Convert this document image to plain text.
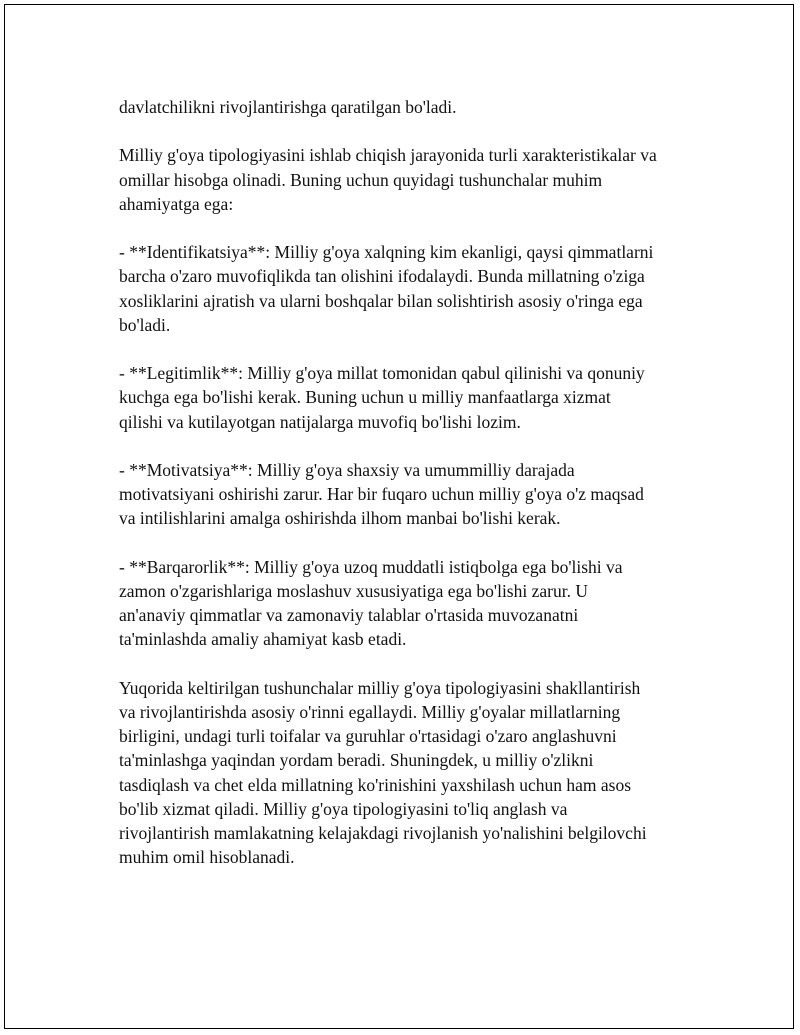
davlatchilikni rivojlantirishga qaratilgan bo'ladi.

Milliy g'oya tipologiyasini ishlab chiqish jarayonida turli xarakteristikalar va
omillar hisobga olinadi. Buning uchun quyidagi tushunchalar muhim
ahamiyatga ega:

- **Identifikatsiya**: Milliy g'oya xalqning kim ekanligi, qaysi qimmatlarni
barcha o'zaro muvofiqlikda tan olishini ifodalaydi. Bunda millatning o'ziga
xosliklarini ajratish va ularni boshqalar bilan solishtirish asosiy o'ringa ega
bo'ladi.

- **Legitimlik**: Milliy g'oya millat tomonidan qabul qilinishi va qonuniy
kuchga ega bo'lishi kerak. Buning uchun u milliy manfaatlarga xizmat
qilishi va kutilayotgan natijalarga muvofiq bo'lishi lozim.

- **Motivatsiya**: Milliy g'oya shaxsiy va umummilliy darajada
motivatsiyani oshirishi zarur. Har bir fuqaro uchun milliy g'oya o'z maqsad
va intilishlarini amalga oshirishda ilhom manbai bo'lishi kerak.

- **Barqarorlik**: Milliy g'oya uzoq muddatli istiqbolga ega bo'lishi va
zamon o'zgarishlariga moslashuv xususiyatiga ega bo'lishi zarur. U
an'anaviy qimmatlar va zamonaviy talablar o'rtasida muvozanatni
ta'minlashda amaliy ahamiyat kasb etadi.

Yuqorida keltirilgan tushunchalar milliy g'oya tipologiyasini shakllantirish
va rivojlantirishda asosiy o'rinni egallaydi. Milliy g'oyalar millatlarning
birligini, undagi turli toifalar va guruhlar o'rtasidagi o'zaro anglashuvni
ta'minlashga yaqindan yordam beradi. Shuningdek, u milliy o'zlikni
tasdiqlash va chet elda millatning ko'rinishini yaxshilash uchun ham asos
bo'lib xizmat qiladi. Milliy g'oya tipologiyasini to'liq anglash va
rivojlantirish mamlakatning kelajakdagi rivojlanish yo'nalishini belgilovchi
muhim omil hisoblanadi.
